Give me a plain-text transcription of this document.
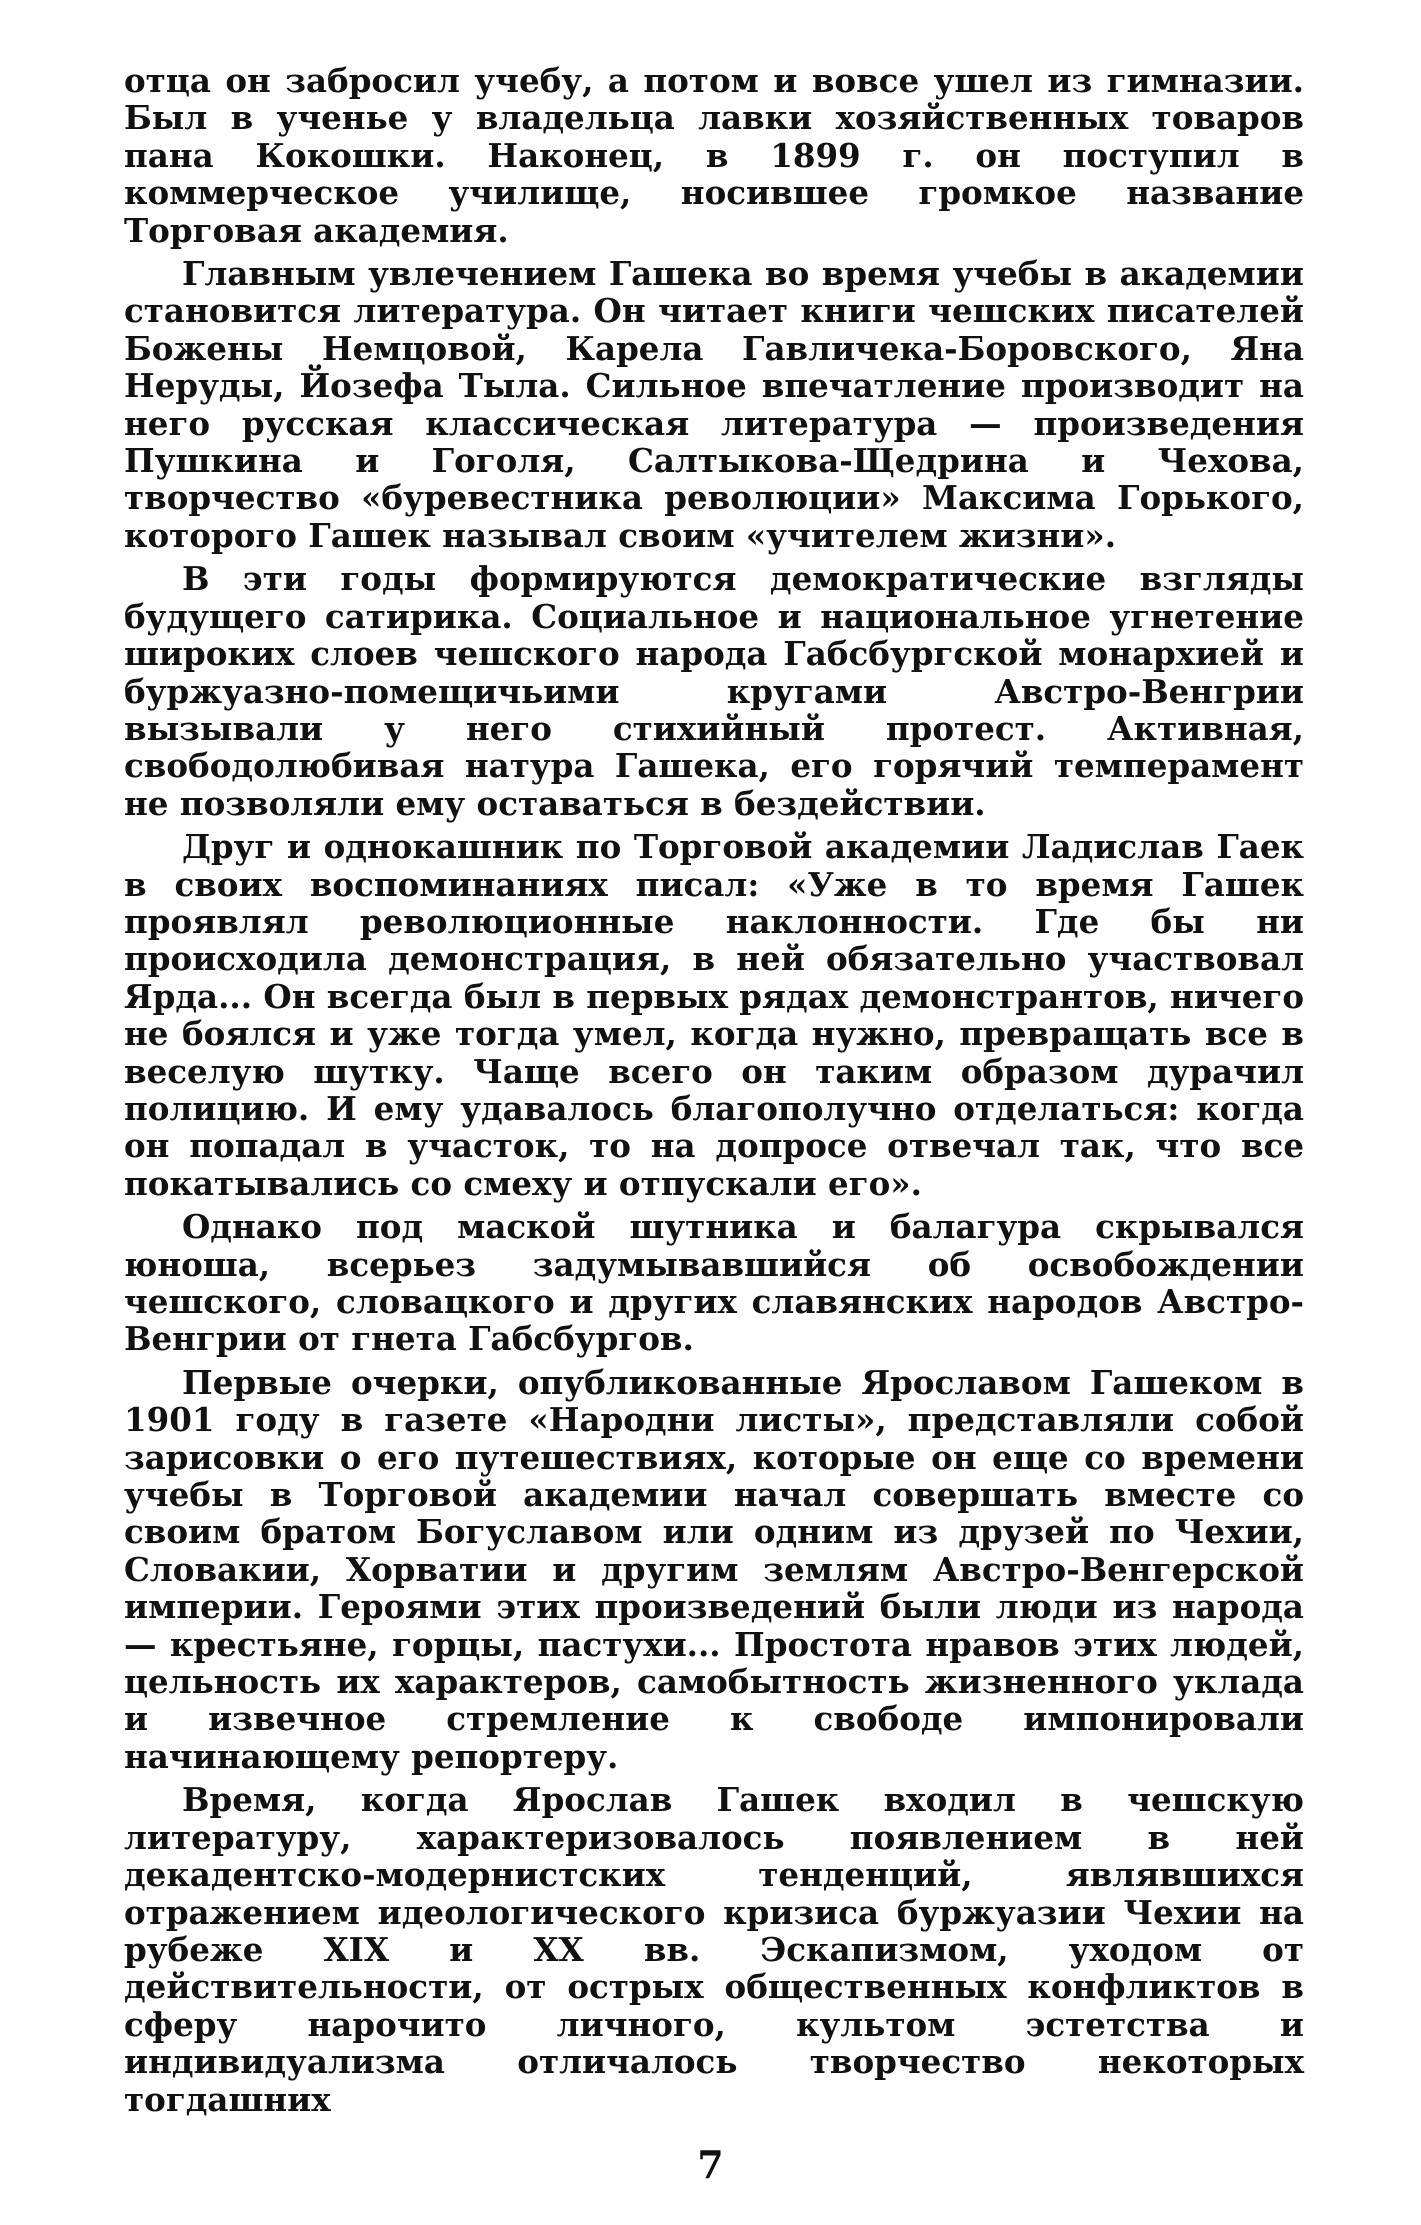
отца он забросил учебу, а потом и вовсе ушел из гимназии. Был в ученье у владельца лавки хозяйственных товаров пана Кокошки. Наконец, в 1899 г. он поступил в коммерческое училище, носившее громкое название Торговая академия.

Главным увлечением Гашека во время учебы в академии становится литература. Он читает книги чешских писателей Божены Немцовой, Карела Гавличека-Боровского, Яна Неруды, Йозефа Тыла. Сильное впечатление производит на него русская классическая литература — произведения Пушкина и Гоголя, Салтыкова-Щедрина и Чехова, творчество «буревестника революции» Максима Горького, которого Гашек называл своим «учителем жизни».

В эти годы формируются демократические взгляды будущего сатирика. Социальное и национальное угнетение широких слоев чешского народа Габсбургской монархией и буржуазно-помещичьими кругами Австро-Венгрии вызывали у него стихийный протест. Активная, свободолюбивая натура Гашека, его горячий темперамент не позволяли ему оставаться в бездействии.

Друг и однокашник по Торговой академии Ладислав Гаек в своих воспоминаниях писал: «Уже в то время Гашек проявлял революционные наклонности. Где бы ни происходила демонстрация, в ней обязательно участвовал Ярда... Он всегда был в первых рядах демонстрантов, ничего не боялся и уже тогда умел, когда нужно, превращать все в веселую шутку. Чаще всего он таким образом дурачил полицию. И ему удавалось благополучно отделаться: когда он попадал в участок, то на допросе отвечал так, что все покатывались со смеху и отпускали его».

Однако под маской шутника и балагура скрывался юноша, всерьез задумывавшийся об освобождении чешского, словацкого и других славянских народов Австро-Венгрии от гнета Габсбургов.

Первые очерки, опубликованные Ярославом Гашеком в 1901 году в газете «Народни листы», представляли собой зарисовки о его путешествиях, которые он еще со времени учебы в Торговой академии начал совершать вместе со своим братом Богуславом или одним из друзей по Чехии, Словакии, Хорватии и другим землям Австро-Венгерской империи. Героями этих произведений были люди из народа — крестьяне, горцы, пастухи... Простота нравов этих людей, цельность их характеров, самобытность жизненного уклада и извечное стремление к свободе импонировали начинающему репортеру.

Время, когда Ярослав Гашек входил в чешскую литературу, характеризовалось появлением в ней декадентско-модернистских тенденций, являвшихся отражением идеологического кризиса буржуазии Чехии на рубеже XIX и XX вв. Эскапизмом, уходом от действительности, от острых общественных конфликтов в сферу нарочито личного, культом эстетства и индивидуализма отличалось творчество некоторых тогдашних

7
